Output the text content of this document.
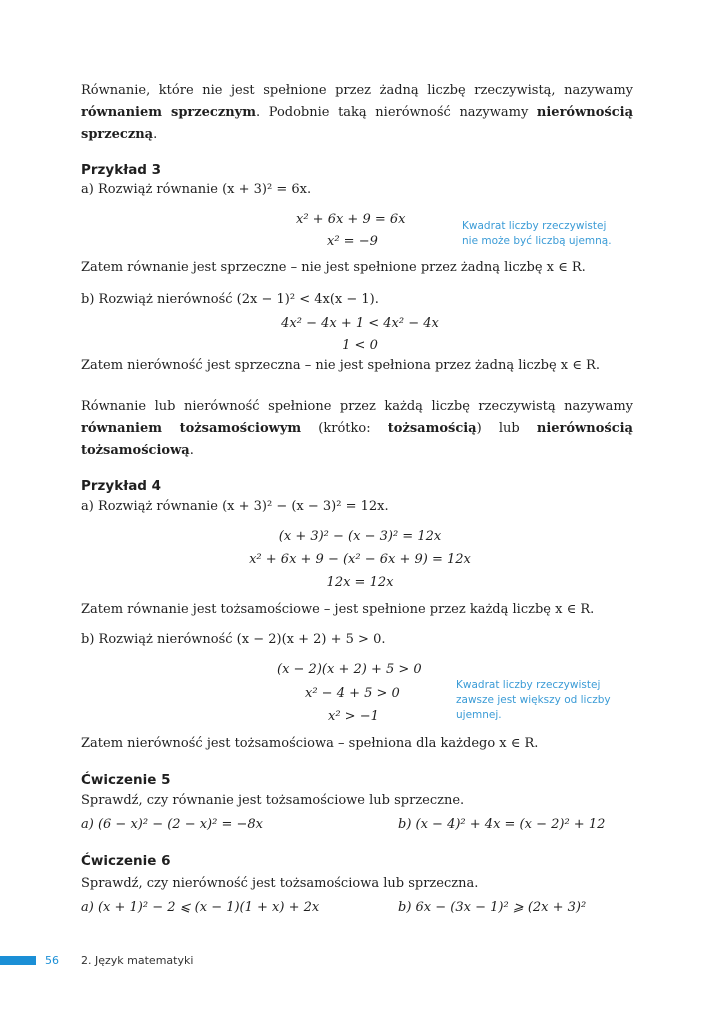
Równanie, które nie jest spełnione przez żadną liczbę rzeczywistą, nazywamy równaniem sprzecznym. Podobnie taką nierówność nazywamy nierównością sprzeczną.
Przykład 3
a) Rozwiąż równanie (x + 3)² = 6x.
x² + 6x + 9 = 6x
x² = −9
Kwadrat liczby rzeczywistej
nie może być liczbą ujemną.
Zatem równanie jest sprzeczne – nie jest spełnione przez żadną liczbę x ∈ R.
b) Rozwiąż nierówność (2x − 1)² < 4x(x − 1).
4x² − 4x + 1 < 4x² − 4x
1 < 0
Zatem nierówność jest sprzeczna – nie jest spełniona przez żadną liczbę x ∈ R.
Równanie lub nierówność spełnione przez każdą liczbę rzeczywistą nazywamy równaniem tożsamościowym (krótko: tożsamością) lub nierównością tożsamościową.
Przykład 4
a) Rozwiąż równanie (x + 3)² − (x − 3)² = 12x.
(x + 3)² − (x − 3)² = 12x
x² + 6x + 9 − (x² − 6x + 9) = 12x
12x = 12x
Zatem równanie jest tożsamościowe – jest spełnione przez każdą liczbę x ∈ R.
b) Rozwiąż nierówność (x − 2)(x + 2) + 5 > 0.
(x − 2)(x + 2) + 5 > 0
x² − 4 + 5 > 0
x² > −1
Kwadrat liczby rzeczywistej
zawsze jest większy od liczby
ujemnej.
Zatem nierówność jest tożsamościowa – spełniona dla każdego x ∈ R.
Ćwiczenie 5
Sprawdź, czy równanie jest tożsamościowe lub sprzeczne.
a) (6 − x)² − (2 − x)² = −8x	b) (x − 4)² + 4x = (x − 2)² + 12
Ćwiczenie 6
Sprawdź, czy nierówność jest tożsamościowa lub sprzeczna.
a) (x + 1)² − 2 ⩽ (x − 1)(1 + x) + 2x	b) 6x − (3x − 1)² ⩾ (2x + 3)²
56 2. Język matematyki
